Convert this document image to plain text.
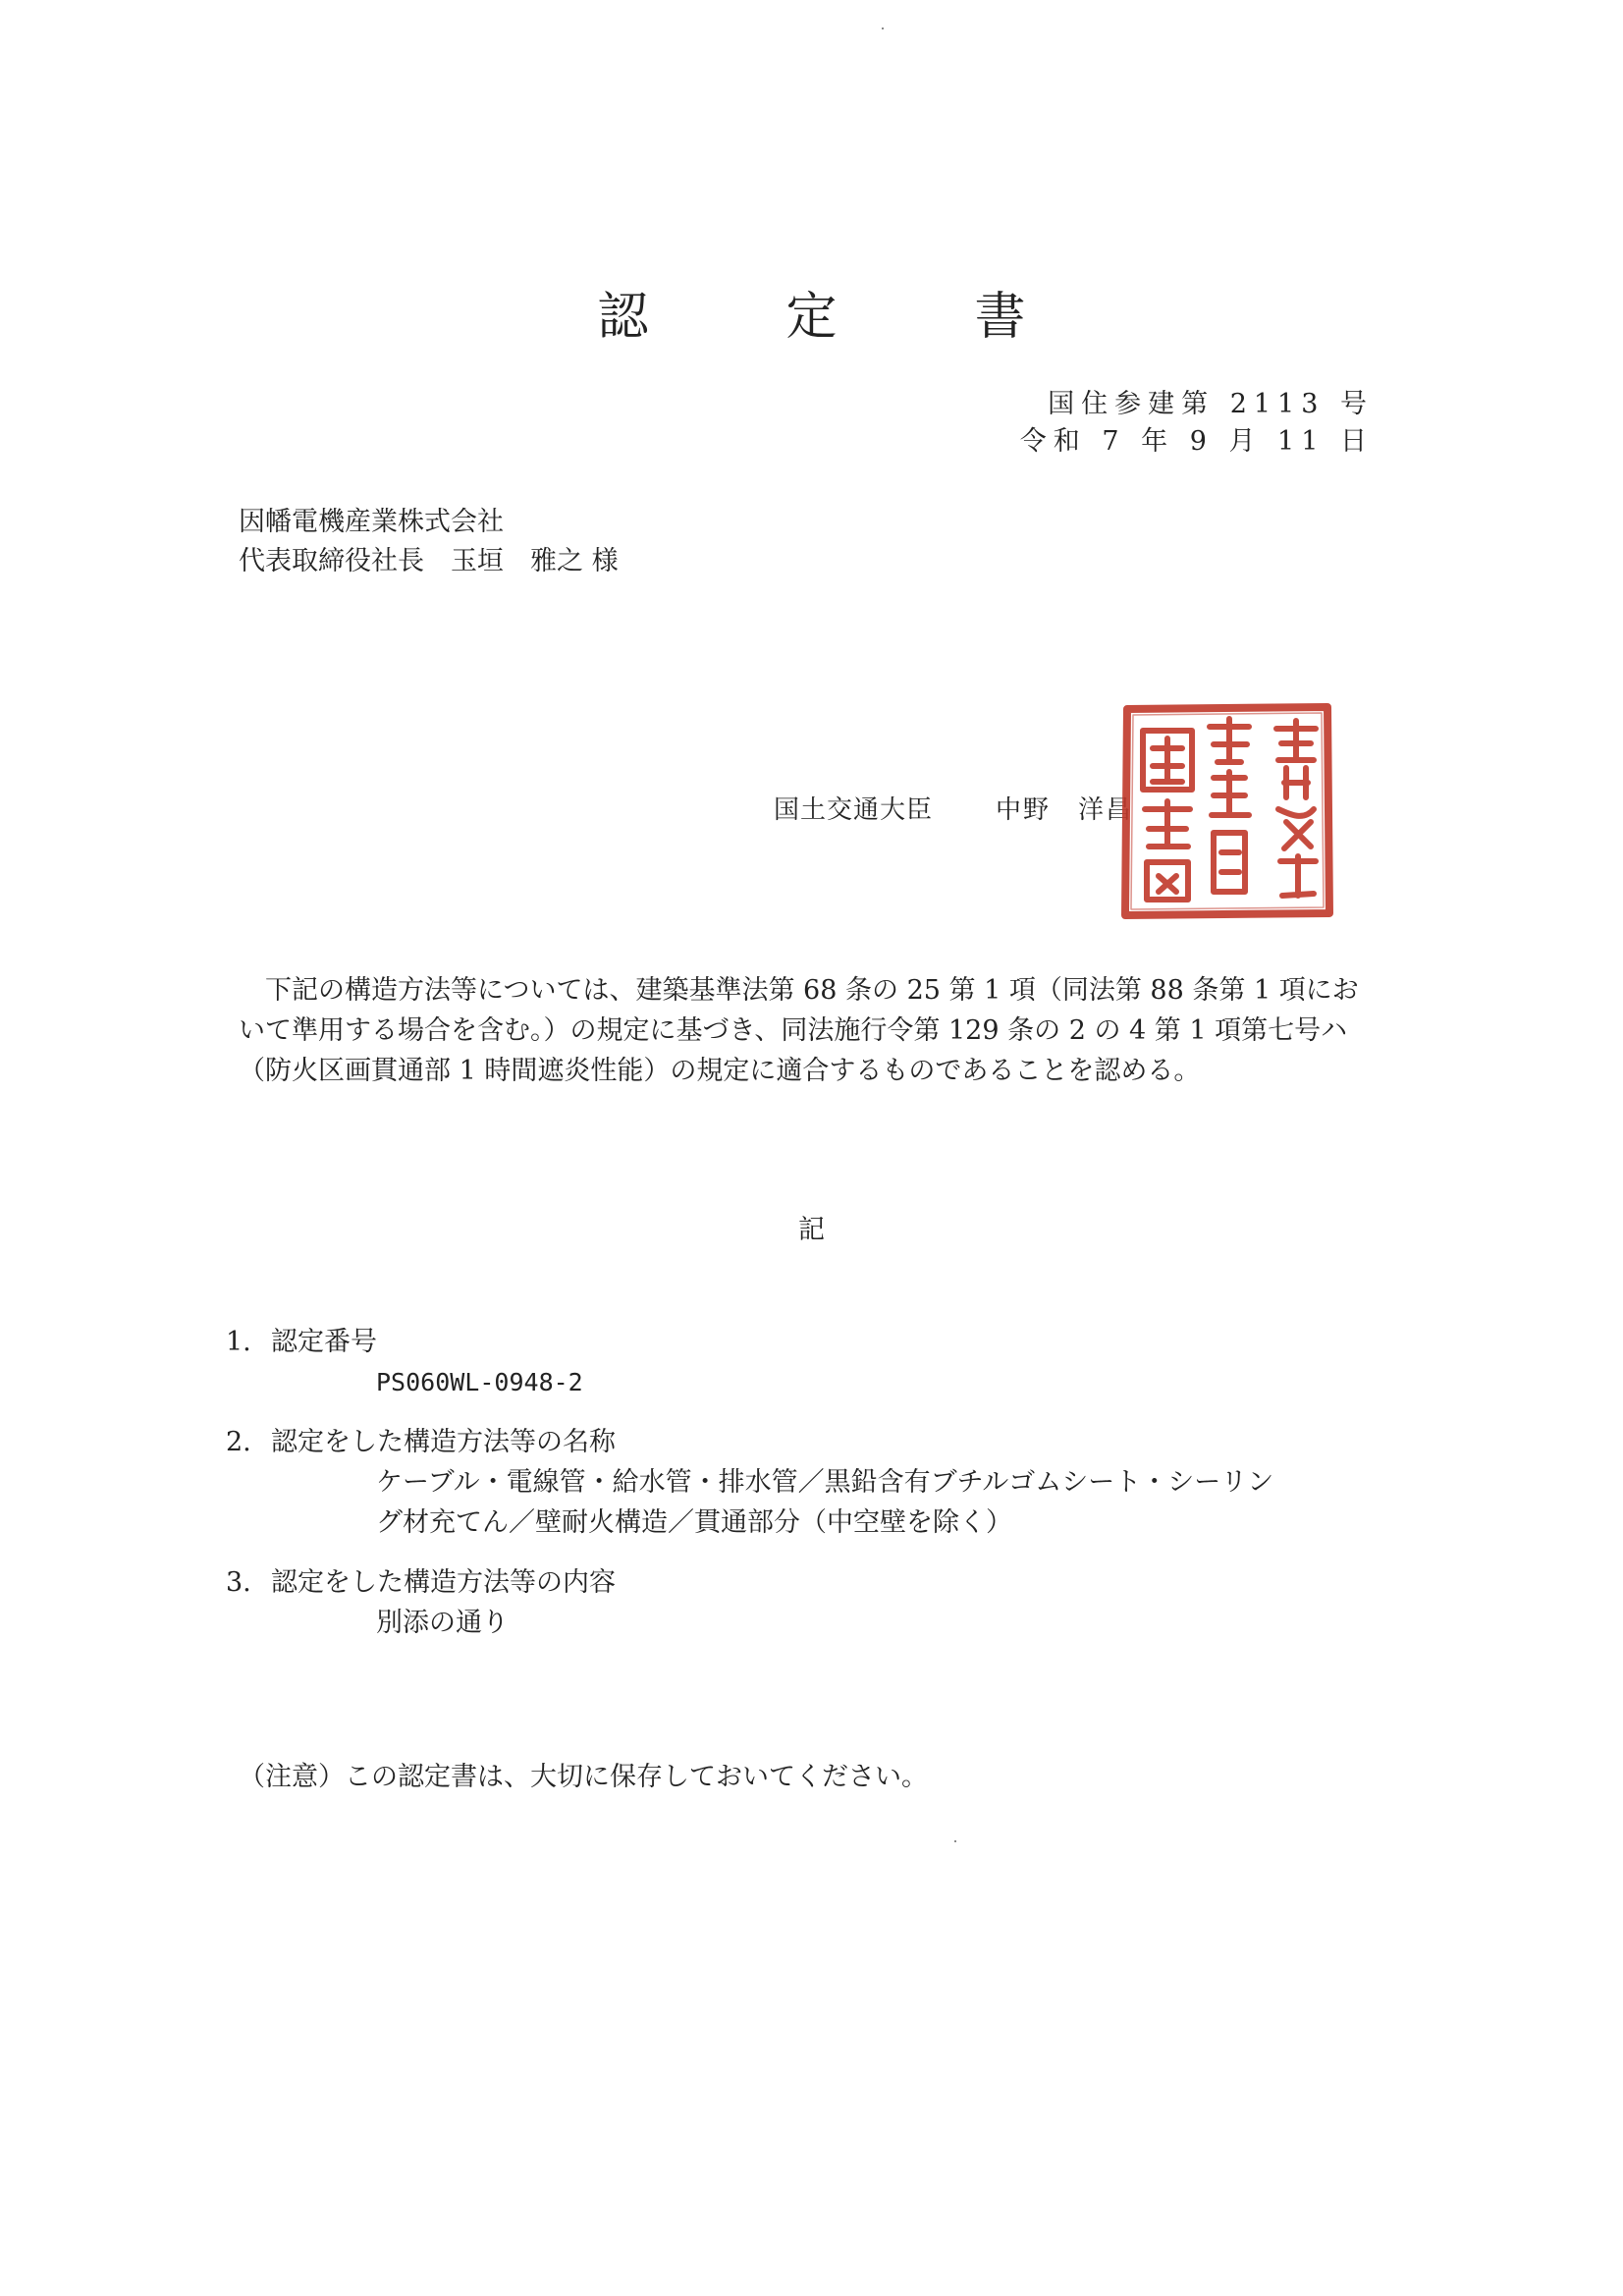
認　定　書
国住参建第 2113 号
令和 7 年 9 月 11 日
因幡電機産業株式会社
代表取締役社長　玉垣　雅之 様
国土交通大臣 中野　洋昌
下記の構造方法等については、建築基準法第 68 条の 25 第 1 項（同法第 88 条第 1 項にお
いて準用する場合を含む。）の規定に基づき、同法施行令第 129 条の 2 の 4 第 1 項第七号ハ
（防火区画貫通部 1 時間遮炎性能）の規定に適合するものであることを認める。
記
1. 認定番号
PS060WL-0948-2
2. 認定をした構造方法等の名称
ケーブル・電線管・給水管・排水管／黒鉛含有ブチルゴムシート・シーリン
グ材充てん／壁耐火構造／貫通部分（中空壁を除く）
3. 認定をした構造方法等の内容
別添の通り
（注意）この認定書は、大切に保存しておいてください。
